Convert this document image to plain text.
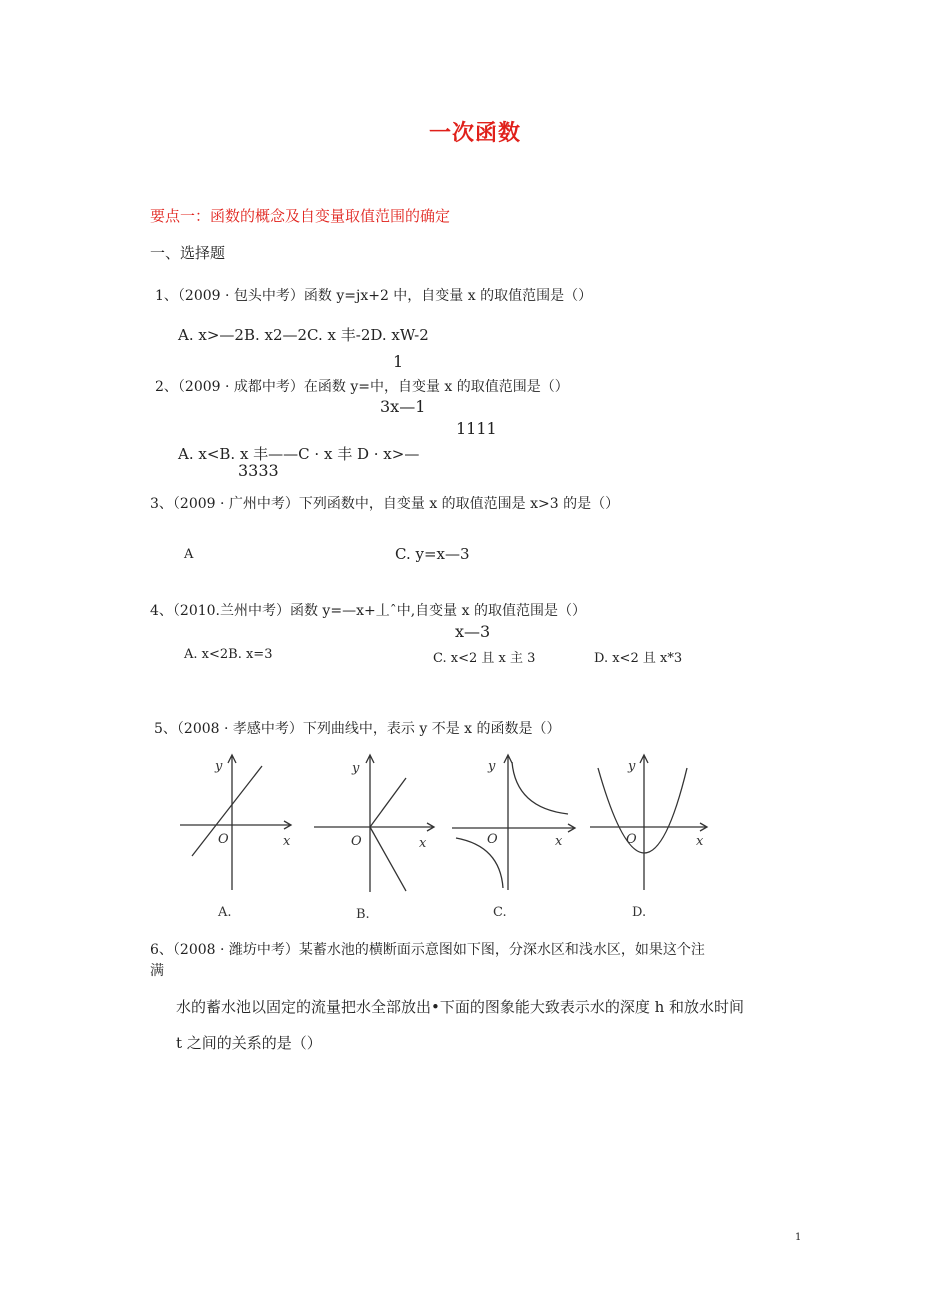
一次函数
要点一：函数的概念及自变量取值范围的确定
一、选择题
1、（2009 · 包头中考）函数 y=jx+2 中，自变量 x 的取值范围是（）
A. x>—2B. x2—2C. x 丰-2D. xW-2
1
2、（2009 · 成都中考）在函数 y=中，自变量 x 的取值范围是（）
3x—1
1111
A. x<B. x 丰——C · x 丰 D · x>—
3333
3、（2009 · 广州中考）下列函数中，自变量 x 的取值范围是 x>3 的是（）
A	C. y=x—3
4、（2010.兰州中考）函数 y=—x+丄ˆ中,自变量 x 的取值范围是（）
x—3
A. x<2B. x=3	C. x<2 且 x 主 3	D. x<2 且 x*3
5、（2008 · 孝感中考）下列曲线中，表示 y 不是 x 的函数是（）
y
O	x
y
O	x
y
O	x
y
O	x
A.	B.	C.	D.
6、（2008 · 潍坊中考）某蓄水池的横断面示意图如下图，分深水区和浅水区，如果这个注
满
水的蓄水池以固定的流量把水全部放出•下面的图象能大致表示水的深度 h 和放水时间
t 之间的关系的是（）
1
